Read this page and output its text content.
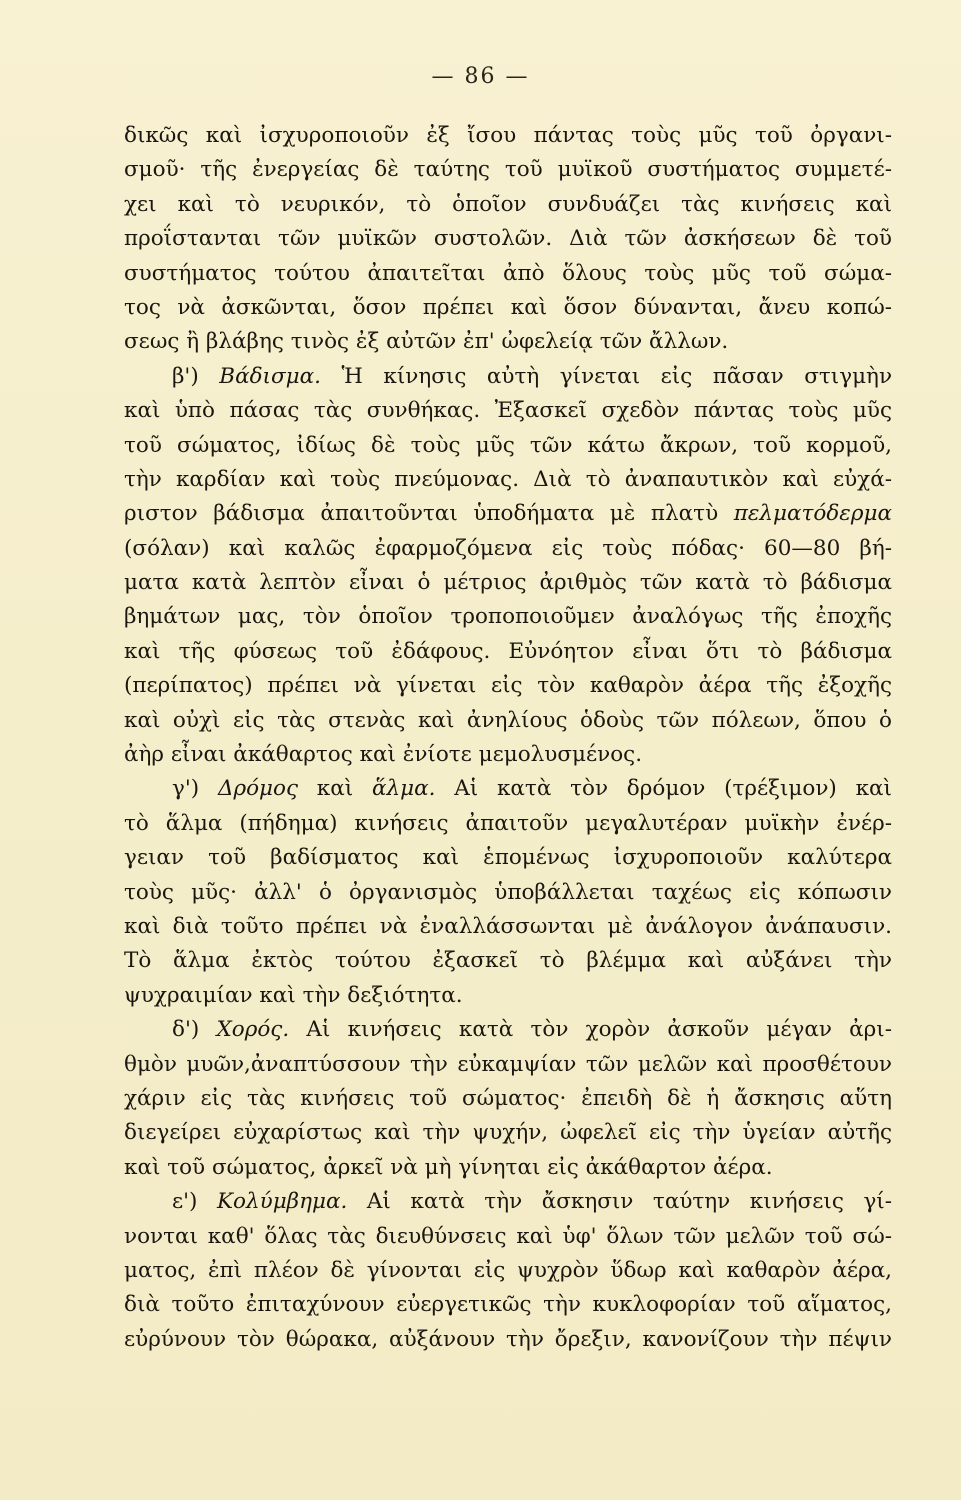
— 86 —
δικῶς καὶ ἰσχυροποιοῦν ἐξ ἴσου πάντας τοὺς μῦς τοῦ ὀργανι-
σμοῦ· τῆς ἐνεργείας δὲ ταύτης τοῦ μυϊκοῦ συστήματος συμμετέ-
χει καὶ τὸ νευρικόν, τὸ ὁποῖον συνδυάζει τὰς κινήσεις καὶ
προΐστανται τῶν μυϊκῶν συστολῶν. Διὰ τῶν ἀσκήσεων δὲ τοῦ
συστήματος τούτου ἀπαιτεῖται ἀπὸ ὅλους τοὺς μῦς τοῦ σώμα-
τος νὰ ἀσκῶνται, ὅσον πρέπει καὶ ὅσον δύνανται, ἄνευ κοπώ-
σεως ἢ βλάβης τινὸς ἐξ αὐτῶν ἐπ' ὠφελείᾳ τῶν ἄλλων.
β') Βάδισμα. Ἡ κίνησις αὐτὴ γίνεται εἰς πᾶσαν στιγμὴν
καὶ ὑπὸ πάσας τὰς συνθήκας. Ἐξασκεῖ σχεδὸν πάντας τοὺς μῦς
τοῦ σώματος, ἰδίως δὲ τοὺς μῦς τῶν κάτω ἄκρων, τοῦ κορμοῦ,
τὴν καρδίαν καὶ τοὺς πνεύμονας. Διὰ τὸ ἀναπαυτικὸν καὶ εὐχά-
ριστον βάδισμα ἀπαιτοῦνται ὑποδήματα μὲ πλατὺ πελματόδερμα
(σόλαν) καὶ καλῶς ἐφαρμοζόμενα εἰς τοὺς πόδας· 60—80 βή-
ματα κατὰ λεπτὸν εἶναι ὁ μέτριος ἀριθμὸς τῶν κατὰ τὸ βάδισμα
βημάτων μας, τὸν ὁποῖον τροποποιοῦμεν ἀναλόγως τῆς ἐποχῆς
καὶ τῆς φύσεως τοῦ ἐδάφους. Εὐνόητον εἶναι ὅτι τὸ βάδισμα
(περίπατος) πρέπει νὰ γίνεται εἰς τὸν καθαρὸν ἀέρα τῆς ἐξοχῆς
καὶ οὐχὶ εἰς τὰς στενὰς καὶ ἀνηλίους ὁδοὺς τῶν πόλεων, ὅπου ὁ
ἀὴρ εἶναι ἀκάθαρτος καὶ ἐνίοτε μεμολυσμένος.
γ') Δρόμος καὶ ἅλμα. Αἱ κατὰ τὸν δρόμον (τρέξιμον) καὶ
τὸ ἅλμα (πήδημα) κινήσεις ἀπαιτοῦν μεγαλυτέραν μυϊκὴν ἐνέρ-
γειαν τοῦ βαδίσματος καὶ ἑπομένως ἰσχυροποιοῦν καλύτερα
τοὺς μῦς· ἀλλ' ὁ ὀργανισμὸς ὑποβάλλεται ταχέως εἰς κόπωσιν
καὶ διὰ τοῦτο πρέπει νὰ ἐναλλάσσωνται μὲ ἀνάλογον ἀνάπαυσιν.
Τὸ ἅλμα ἐκτὸς τούτου ἐξασκεῖ τὸ βλέμμα καὶ αὐξάνει τὴν
ψυχραιμίαν καὶ τὴν δεξιότητα.
δ') Χορός. Αἱ κινήσεις κατὰ τὸν χορὸν ἀσκοῦν μέγαν ἀρι-
θμὸν μυῶν,ἀναπτύσσουν τὴν εὐκαμψίαν τῶν μελῶν καὶ προσθέτουν
χάριν εἰς τὰς κινήσεις τοῦ σώματος· ἐπειδὴ δὲ ἡ ἄσκησις αὕτη
διεγείρει εὐχαρίστως καὶ τὴν ψυχήν, ὠφελεῖ εἰς τὴν ὑγείαν αὐτῆς
καὶ τοῦ σώματος, ἀρκεῖ νὰ μὴ γίνηται εἰς ἀκάθαρτον ἀέρα.
ε') Κολύμβημα. Αἱ κατὰ τὴν ἄσκησιν ταύτην κινήσεις γί-
νονται καθ' ὅλας τὰς διευθύνσεις καὶ ὑφ' ὅλων τῶν μελῶν τοῦ σώ-
ματος, ἐπὶ πλέον δὲ γίνονται εἰς ψυχρὸν ὕδωρ καὶ καθαρὸν ἀέρα,
διὰ τοῦτο ἐπιταχύνουν εὐεργετικῶς τὴν κυκλοφορίαν τοῦ αἵματος,
εὐρύνουν τὸν θώρακα, αὐξάνουν τὴν ὄρεξιν, κανονίζουν τὴν πέψιν
